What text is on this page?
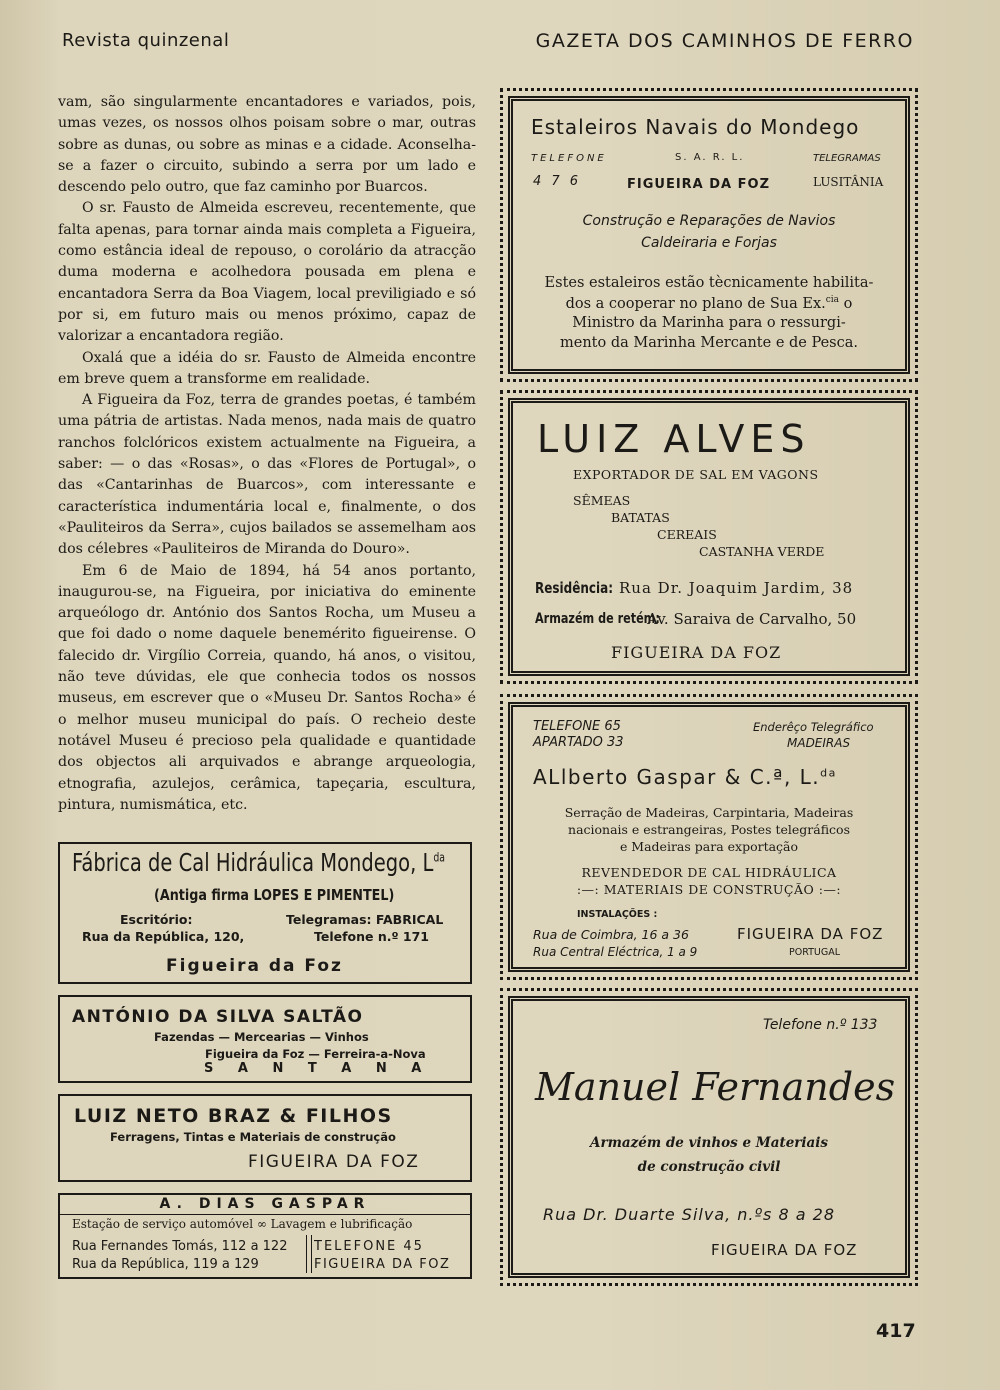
Revista quinzenal	GAZETA DOS CAMINHOS DE FERRO

vam, são singularmente encantadores e variados, pois, umas vezes, os nossos olhos poisam sobre o mar, outras sobre as dunas, ou sobre as minas e a cidade. Aconselha-se a fazer o circuito, subindo a serra por um lado e descendo pelo outro, que faz caminho por Buarcos.

O sr. Fausto de Almeida escreveu, recentemente, que falta apenas, para tornar ainda mais completa a Figueira, como estância ideal de repouso, o corolário da atracção duma moderna e acolhedora pousada em plena e encantadora Serra da Boa Viagem, local previligiado e só por si, em futuro mais ou menos próximo, capaz de valorizar a encantadora região.

Oxalá que a idéia do sr. Fausto de Almeida encontre em breve quem a transforme em realidade.

A Figueira da Foz, terra de grandes poetas, é também uma pátria de artistas. Nada menos, nada mais de quatro ranchos folclóricos existem actualmente na Figueira, a saber: — o das «Rosas», o das «Flores de Portugal», o das «Cantarinhas de Buarcos», com interessante e característica indumentária local e, finalmente, o dos «Pauliteiros da Serra», cujos bailados se assemelham aos dos célebres «Pauliteiros de Miranda do Douro».

Em 6 de Maio de 1894, há 54 anos portanto, inaugurou-se, na Figueira, por iniciativa do eminente arqueólogo dr. António dos Santos Rocha, um Museu a que foi dado o nome daquele benemérito figueirense. O falecido dr. Virgílio Correia, quando, há anos, o visitou, não teve dúvidas, ele que conhecia todos os nossos museus, em escrever que o «Museu Dr. Santos Rocha» é o melhor museu municipal do país. O recheio deste notável Museu é precioso pela qualidade e quantidade dos objectos ali arquivados e abrange arqueologia, etnografia, azulejos, cerâmica, tapeçaria, escultura, pintura, numismática, etc.

Fábrica de Cal Hidráulica Mondego, $L^{da}$
(Antiga firma LOPES E PIMENTEL)
Escritório:
Rua da República, 120,
Telegramas: FABRICAL
Telefone n.º 171
Figueira da Foz
ANTÓNIO DA SILVA SALTÃO
Fazendas — Mercearias — Vinhos
Figueira da Foz — Ferreira-a-Nova
S A N T A N A
LUIZ NETO BRAZ & FILHOS
Ferragens, Tintas e Materiais de construção
FIGUEIRA DA FOZ
A. DIAS GASPAR
Estação de serviço automóvel ∞ Lavagem e lubrificação
Rua Fernandes Tomás, 112 a 122
Rua da República, 119 a 129
TELEFONE 45
FIGUEIRA DA FOZ
Estaleiros Navais do Mondego
TELEFONE	S. A. R. L.	TELEGRAMAS
4 7 6	FIGUEIRA DA FOZ	LUSITÂNIA
Construção e Reparações de Navios
Caldeiraria e Forjas
Estes estaleiros estão tècnicamente habilita-
dos a cooperar no plano de Sua Ex.$^{cia}$ o
Ministro da Marinha para o ressurgi-
mento da Marinha Mercante e de Pesca.
LUIZ ALVES
EXPORTADOR DE SAL EM VAGONS
SÊMEAS
BATATAS
CEREAIS
CASTANHA VERDE
Residência: Rua Dr. Joaquim Jardim, 38
Armazém de retém:
Av. Saraiva de Carvalho, 50
FIGUEIRA DA FOZ
TELEFONE 65
APARTADO 33
Enderêço Telegráfico
MADEIRAS
ALlberto Gaspar & C.ª, L.$^{da}$
Serração de Madeiras, Carpintaria, Madeiras
nacionais e estrangeiras, Postes telegráficos
e Madeiras para exportação
REVENDEDOR DE CAL HIDRÁULICA
:—: MATERIAIS DE CONSTRUÇÃO :—:
INSTALAÇÕES :
Rua de Coimbra, 16 a 36
Rua Central Eléctrica, 1 a 9
FIGUEIRA DA FOZ
PORTUGAL
Telefone n.º 133
Manuel Fernandes
Armazém de vinhos e Materiais
de construção civil
Rua Dr. Duarte Silva, n.ºs 8 a 28
FIGUEIRA DA FOZ
417
